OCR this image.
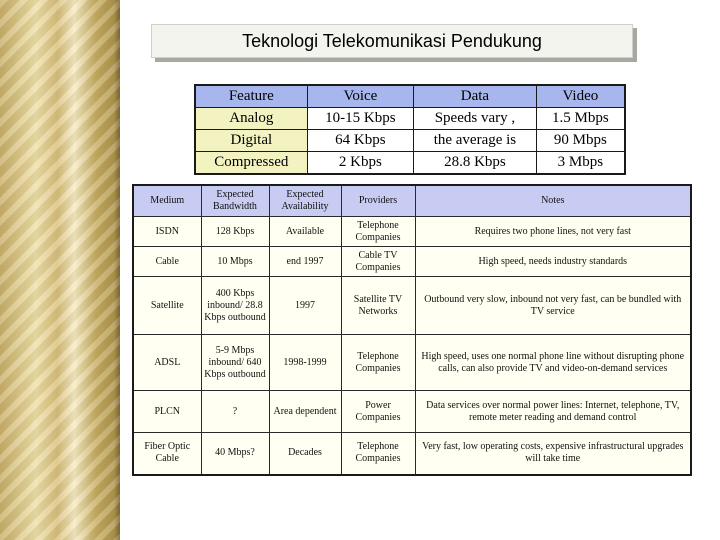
Teknologi Telekomunikasi Pendukung
Feature	Voice	Data	Video
Analog	10-15 Kbps	Speeds vary ,	1.5 Mbps
Digital	64 Kbps	the average is	90 Mbps
Compressed	2 Kbps	28.8 Kbps	3 Mbps
Medium	Expected Bandwidth	Expected Availability	Providers	Notes
ISDN	128 Kbps	Available	Telephone Companies	Requires two phone lines, not very fast
Cable	10 Mbps	end 1997	Cable TV Companies	High speed, needs industry standards
Satellite	400 Kbps inbound/ 28.8 Kbps outbound	1997	Satellite TV Networks	Outbound very slow, inbound not very fast, can be bundled with TV service
ADSL	5-9 Mbps inbound/ 640 Kbps outbound	1998-1999	Telephone Companies	High speed, uses one normal phone line without disrupting phone calls, can also provide TV and video-on-demand services
PLCN	?	Area dependent	Power Companies	Data services over normal power lines: Internet, telephone, TV, remote meter reading and demand control
Fiber Optic Cable	40 Mbps?	Decades	Telephone Companies	Very fast, low operating costs, expensive infrastructural upgrades will take time
